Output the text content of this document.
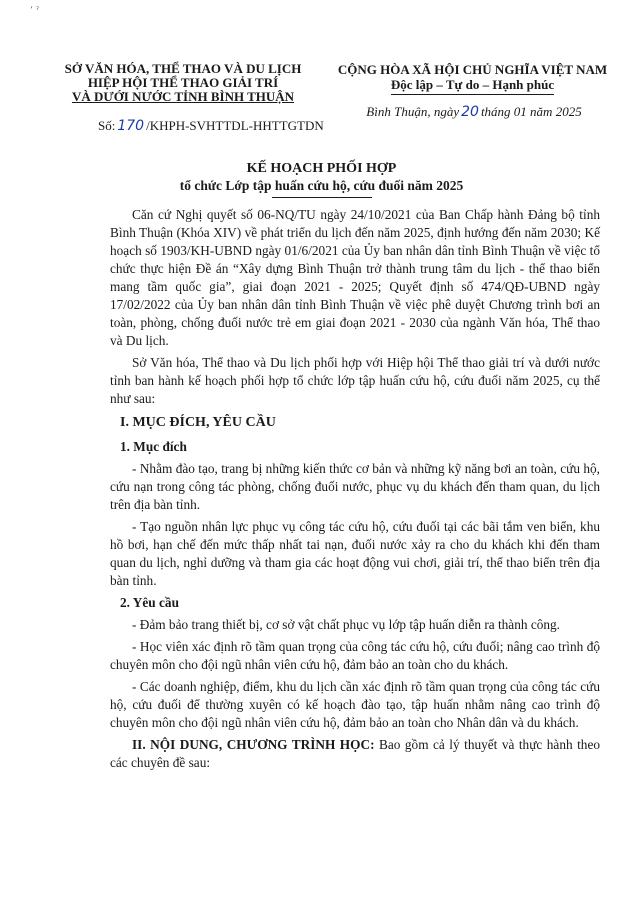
ʼ ˀ
SỞ VĂN HÓA, THỂ THAO VÀ DU LỊCH
HIỆP HỘI THỂ THAO GIẢI TRÍ
VÀ DƯỚI NƯỚC TỈNH BÌNH THUẬN
Số: 170 /KHPH-SVHTTDL-HHTTGTDN
CỘNG HÒA XÃ HỘI CHỦ NGHĨA VIỆT NAM
Độc lập – Tự do – Hạnh phúc
Bình Thuận, ngày 20 tháng 01 năm 2025
KẾ HOẠCH PHỐI HỢP
tổ chức Lớp tập huấn cứu hộ, cứu đuối năm 2025

Căn cứ Nghị quyết số 06-NQ/TU ngày 24/10/2021 của Ban Chấp hành Đảng bộ tỉnh Bình Thuận (Khóa XIV) về phát triển du lịch đến năm 2025, định hướng đến năm 2030; Kế hoạch số 1903/KH-UBND ngày 01/6/2021 của Ủy ban nhân dân tỉnh Bình Thuận về việc tổ chức thực hiện Đề án “Xây dựng Bình Thuận trở thành trung tâm du lịch - thể thao biển mang tầm quốc gia”, giai đoạn 2021 - 2025; Quyết định số 474/QĐ-UBND ngày 17/02/2022 của Ủy ban nhân dân tỉnh Bình Thuận về việc phê duyệt Chương trình bơi an toàn, phòng, chống đuối nước trẻ em giai đoạn 2021 - 2030 của ngành Văn hóa, Thể thao và Du lịch.

Sở Văn hóa, Thể thao và Du lịch phối hợp với Hiệp hội Thể thao giải trí và dưới nước tỉnh ban hành kế hoạch phối hợp tổ chức lớp tập huấn cứu hộ, cứu đuối năm 2025, cụ thể như sau:

I. MỤC ĐÍCH, YÊU CẦU

1. Mục đích

- Nhằm đào tạo, trang bị những kiến thức cơ bản và những kỹ năng bơi an toàn, cứu hộ, cứu nạn trong công tác phòng, chống đuối nước, phục vụ du khách đến tham quan, du lịch trên địa bàn tỉnh.

- Tạo nguồn nhân lực phục vụ công tác cứu hộ, cứu đuối tại các bãi tắm ven biển, khu hồ bơi, hạn chế đến mức thấp nhất tai nạn, đuối nước xảy ra cho du khách khi đến tham quan du lịch, nghỉ dưỡng và tham gia các hoạt động vui chơi, giải trí, thể thao biển trên địa bàn tỉnh.

2. Yêu cầu

- Đảm bảo trang thiết bị, cơ sở vật chất phục vụ lớp tập huấn diễn ra thành công.

- Học viên xác định rõ tầm quan trọng của công tác cứu hộ, cứu đuối; nâng cao trình độ chuyên môn cho đội ngũ nhân viên cứu hộ, đảm bảo an toàn cho du khách.

- Các doanh nghiệp, điểm, khu du lịch cần xác định rõ tầm quan trọng của công tác cứu hộ, cứu đuối để thường xuyên có kế hoạch đào tạo, tập huấn nhằm nâng cao trình độ chuyên môn cho đội ngũ nhân viên cứu hộ, đảm bảo an toàn cho Nhân dân và du khách.

II. NỘI DUNG, CHƯƠNG TRÌNH HỌC: Bao gồm cả lý thuyết và thực hành theo các chuyên đề sau:
